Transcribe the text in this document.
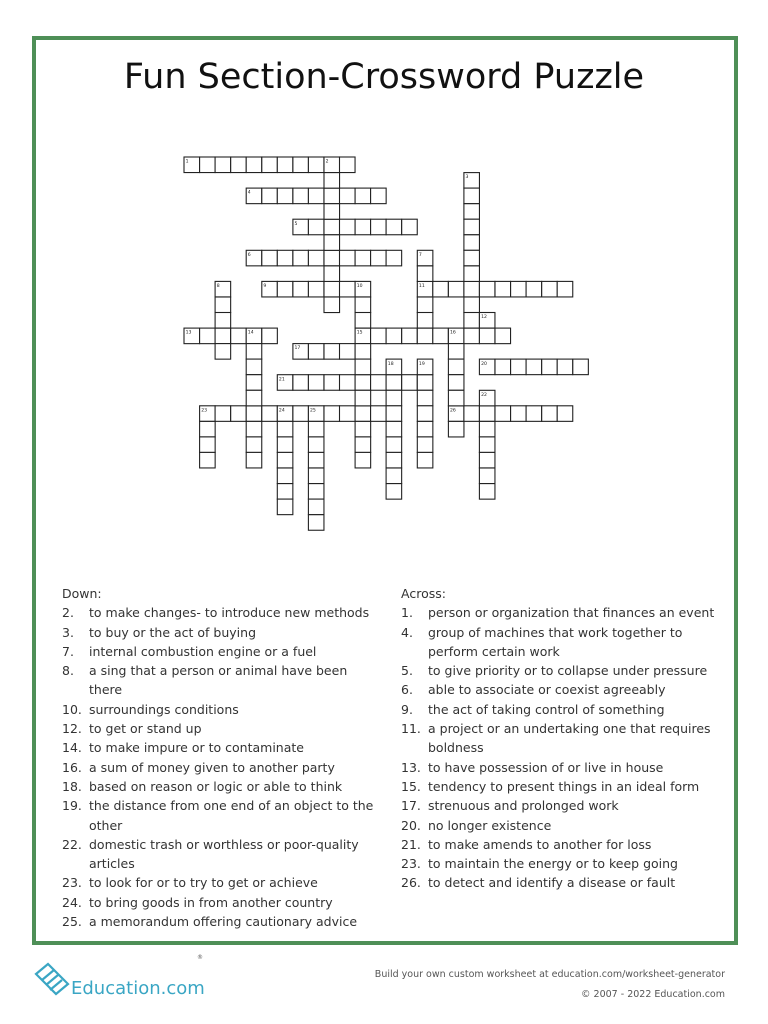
Fun Section-Crossword Puzzle
1	2
3
4
5
6	7
8	9	10	11
12
13	14	15	16
17
18	19	20
21
22
23	24	25	26
Down:
2.	to make changes- to introduce new methods
3.	to buy or the act of buying
7.	internal combustion engine or a fuel
8.	a sing that a person or animal have been there
10. surroundings conditions
12. to get or stand up
14. to make impure or to contaminate
16. a sum of money given to another party
18. based on reason or logic or able to think
19. the distance from one end of an object to the other
22. domestic trash or worthless or poor-quality articles
23. to look for or to try to get or achieve
24. to bring goods in from another country
25. a memorandum offering cautionary advice
Across:
1.	person or organization that finances an event
4.	group of machines that work together to perform certain work
5.	to give priority or to collapse under pressure
6.	able to associate or coexist agreeably
9.	the act of taking control of something
11. a project or an undertaking one that requires boldness
13. to have possession of or live in house
15. tendency to present things in an ideal form
17. strenuous and prolonged work
20. no longer existence
21. to make amends to another for loss
23. to maintain the energy or to keep going
26. to detect and identify a disease or fault
Education.com
®
Build your own custom worksheet at education.com/worksheet-generator
© 2007 - 2022 Education.com
